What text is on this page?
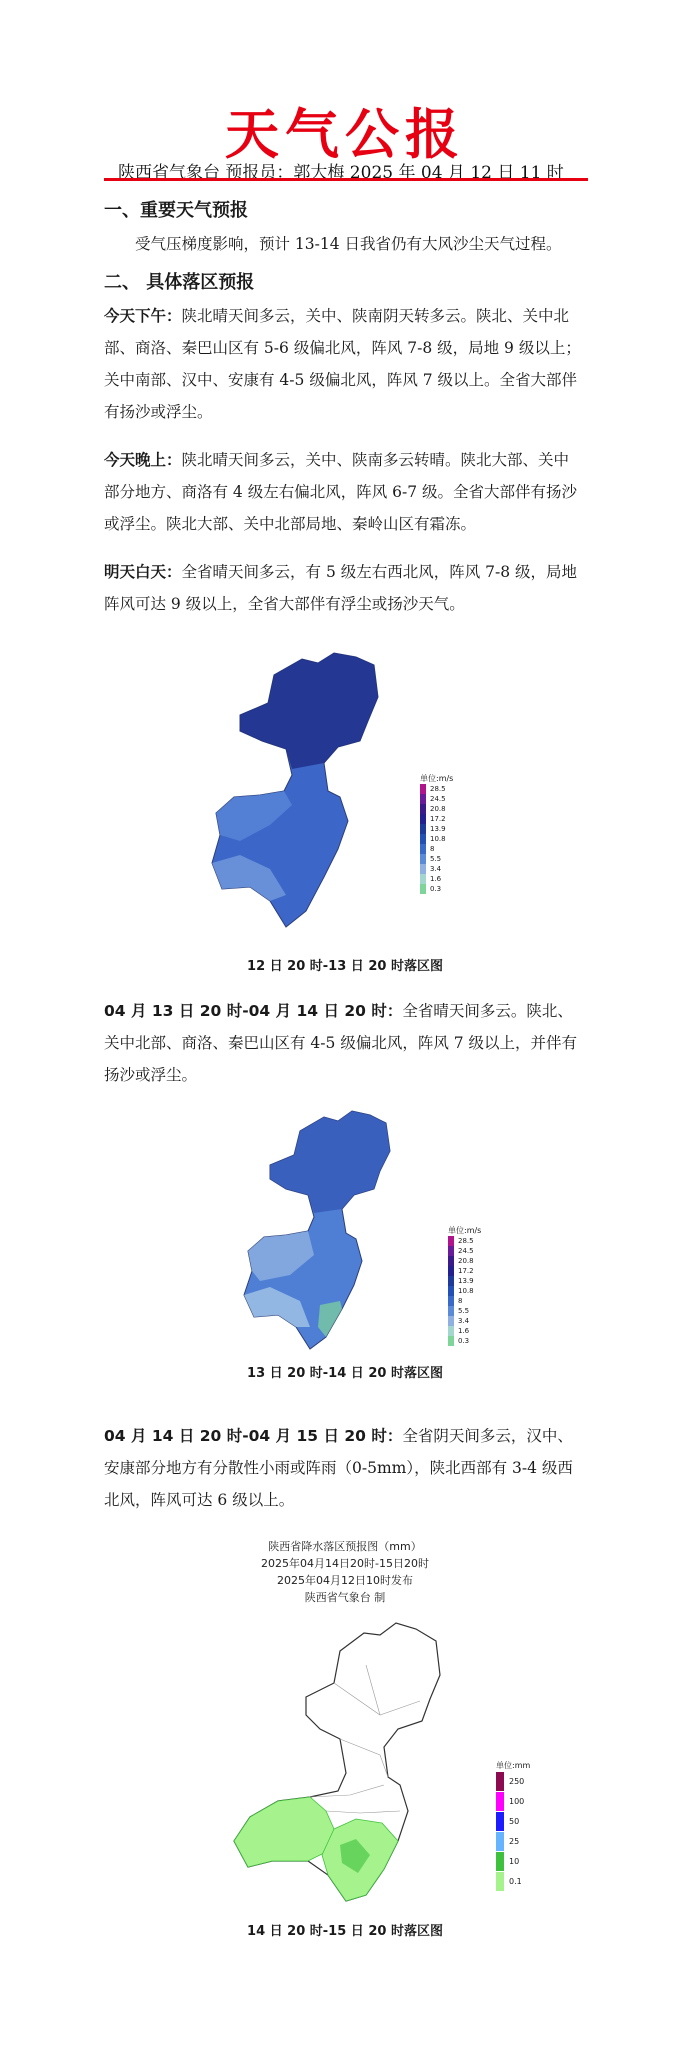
天气公报
陕西省气象台 预报员：郭大梅 2025 年 04 月 12 日 11 时
一、重要天气预报
受气压梯度影响，预计 13-14 日我省仍有大风沙尘天气过程。
二、 具体落区预报
今天下午：陕北晴天间多云，关中、陕南阴天转多云。陕北、关中北部、商洛、秦巴山区有 5-6 级偏北风，阵风 7-8 级，局地 9 级以上；关中南部、汉中、安康有 4-5 级偏北风，阵风 7 级以上。全省大部伴有扬沙或浮尘。
今天晚上：陕北晴天间多云，关中、陕南多云转晴。陕北大部、关中部分地方、商洛有 4 级左右偏北风，阵风 6-7 级。全省大部伴有扬沙或浮尘。陕北大部、关中北部局地、秦岭山区有霜冻。
明天白天：全省晴天间多云，有 5 级左右西北风，阵风 7-8 级，局地阵风可达 9 级以上，全省大部伴有浮尘或扬沙天气。
单位:m/s
28.5
24.5
20.8
17.2
13.9
10.8
8
5.5
3.4
1.6
0.3
12 日 20 时-13 日 20 时落区图
04 月 13 日 20 时-04 月 14 日 20 时：全省晴天间多云。陕北、关中北部、商洛、秦巴山区有 4-5 级偏北风，阵风 7 级以上，并伴有扬沙或浮尘。
单位:m/s
28.5
24.5
20.8
17.2
13.9
10.8
8
5.5
3.4
1.6
0.3
13 日 20 时-14 日 20 时落区图
04 月 14 日 20 时-04 月 15 日 20 时：全省阴天间多云，汉中、安康部分地方有分散性小雨或阵雨（0-5mm），陕北西部有 3-4 级西北风，阵风可达 6 级以上。
陕西省降水落区预报图（mm）
2025年04月14日20时-15日20时
2025年04月12日10时发布
陕西省气象台 制
单位:mm
250
100
50
25
10
0.1
14 日 20 时-15 日 20 时落区图
